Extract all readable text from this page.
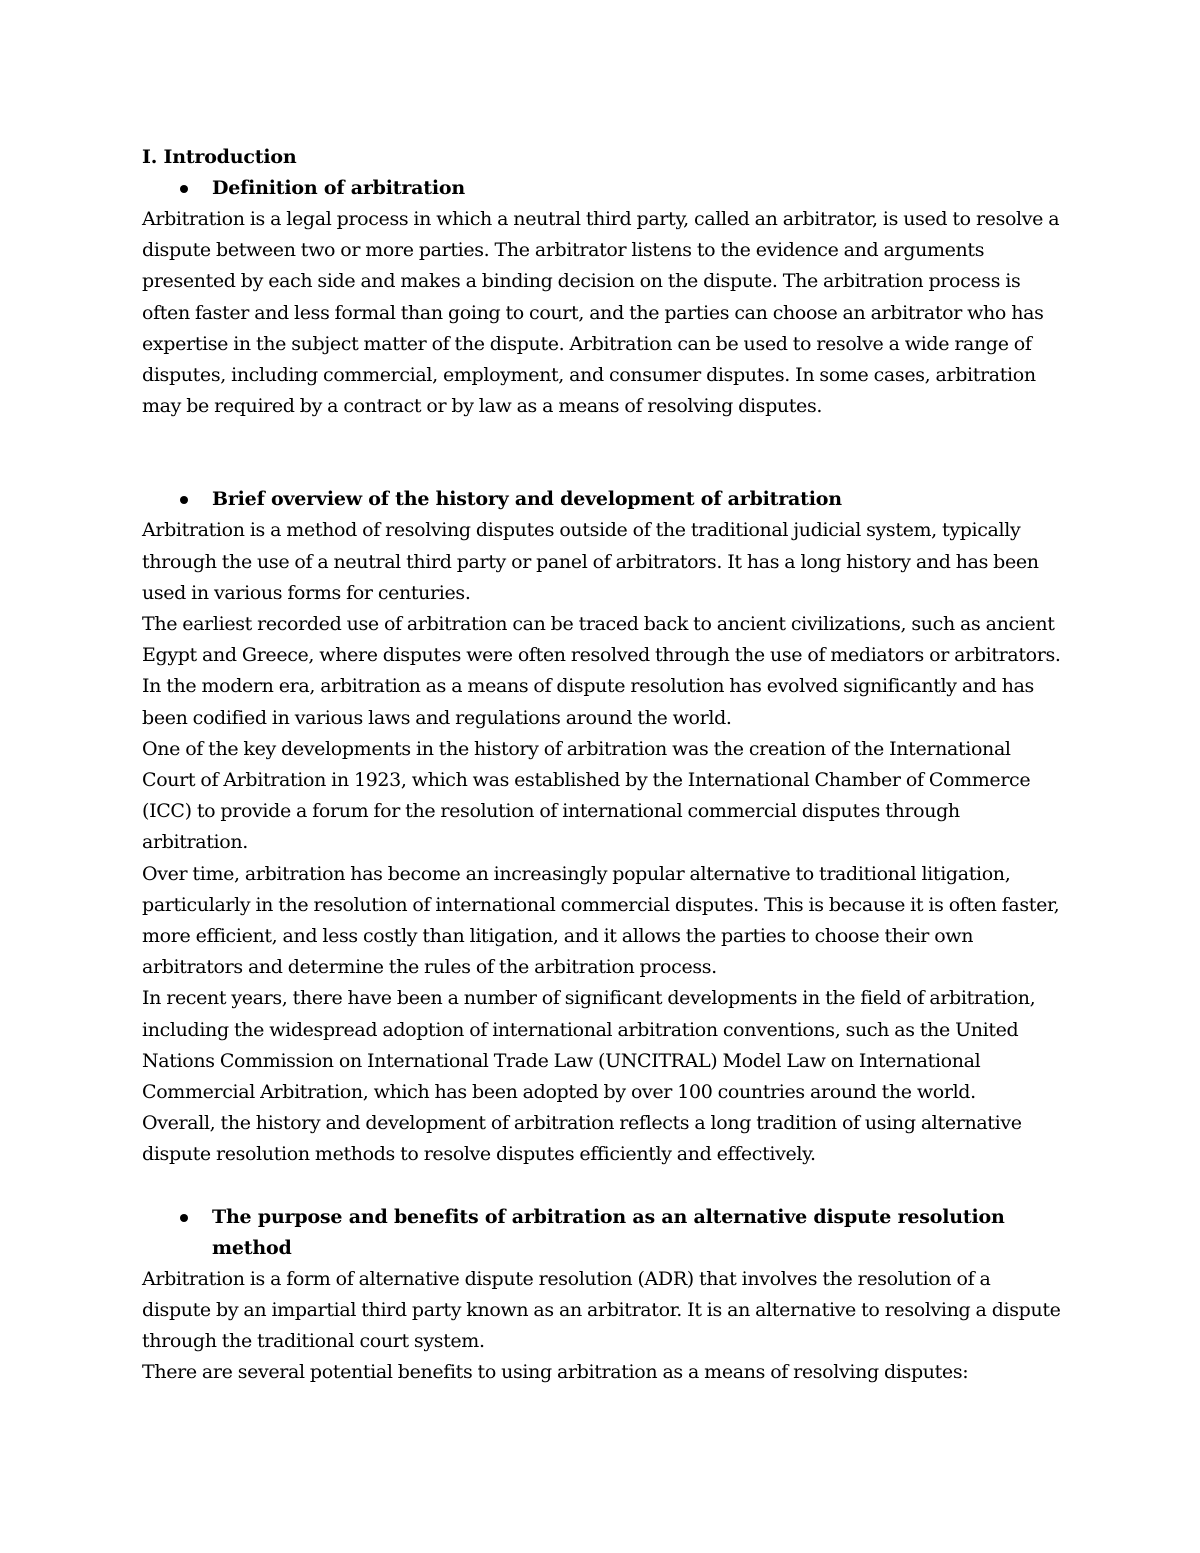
I. Introduction
Definition of arbitration

Arbitration is a legal process in which a neutral third party, called an arbitrator, is used to resolve a dispute between two or more parties. The arbitrator listens to the evidence and arguments presented by each side and makes a binding decision on the dispute. The arbitration process is often faster and less formal than going to court, and the parties can choose an arbitrator who has expertise in the subject matter of the dispute. Arbitration can be used to resolve a wide range of disputes, including commercial, employment, and consumer disputes. In some cases, arbitration may be required by a contract or by law as a means of resolving disputes.

Brief overview of the history and development of arbitration

Arbitration is a method of resolving disputes outside of the traditional judicial system, typically through the use of a neutral third party or panel of arbitrators. It has a long history and has been used in various forms for centuries.

The earliest recorded use of arbitration can be traced back to ancient civilizations, such as ancient Egypt and Greece, where disputes were often resolved through the use of mediators or arbitrators. In the modern era, arbitration as a means of dispute resolution has evolved significantly and has been codified in various laws and regulations around the world.

One of the key developments in the history of arbitration was the creation of the International Court of Arbitration in 1923, which was established by the International Chamber of Commerce (ICC) to provide a forum for the resolution of international commercial disputes through arbitration.

Over time, arbitration has become an increasingly popular alternative to traditional litigation, particularly in the resolution of international commercial disputes. This is because it is often faster, more efficient, and less costly than litigation, and it allows the parties to choose their own arbitrators and determine the rules of the arbitration process.

In recent years, there have been a number of significant developments in the field of arbitration, including the widespread adoption of international arbitration conventions, such as the United Nations Commission on International Trade Law (UNCITRAL) Model Law on International Commercial Arbitration, which has been adopted by over 100 countries around the world.

Overall, the history and development of arbitration reflects a long tradition of using alternative dispute resolution methods to resolve disputes efficiently and effectively.

The purpose and benefits of arbitration as an alternative dispute resolution method

Arbitration is a form of alternative dispute resolution (ADR) that involves the resolution of a dispute by an impartial third party known as an arbitrator. It is an alternative to resolving a dispute through the traditional court system.

There are several potential benefits to using arbitration as a means of resolving disputes:
